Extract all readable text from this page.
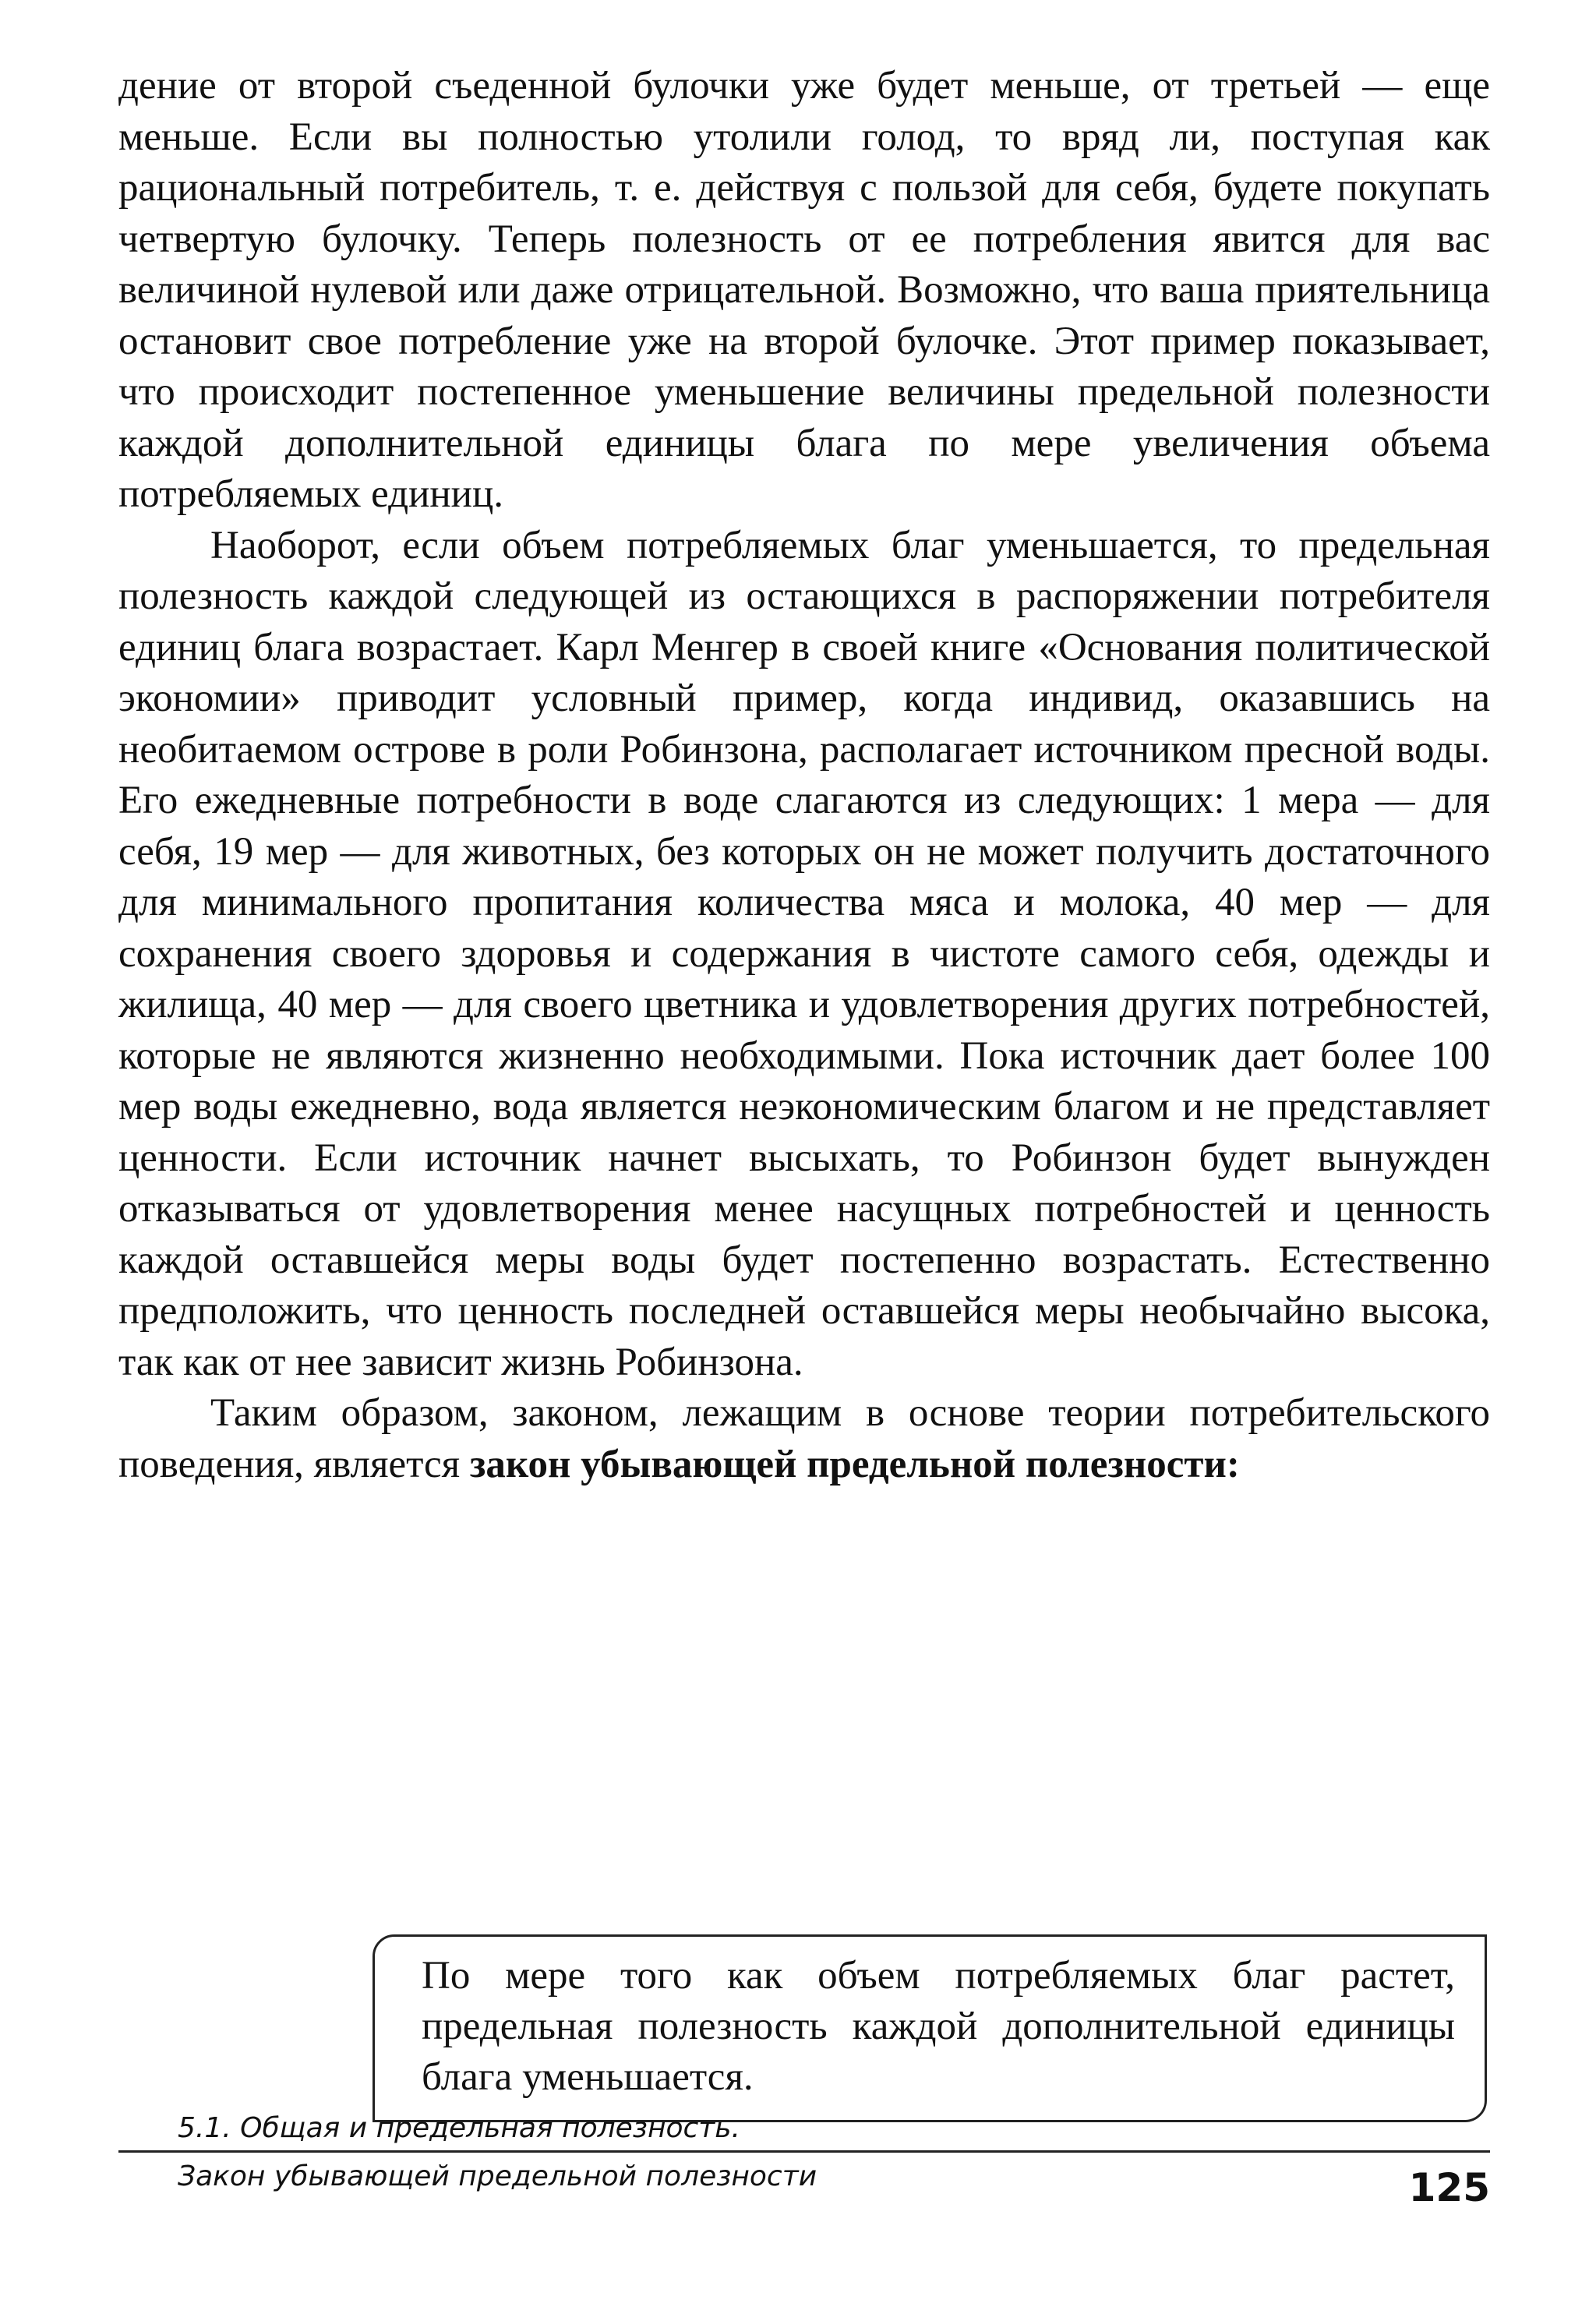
дение от второй съеденной булочки уже будет меньше, от третьей — еще меньше. Если вы полностью утолили голод, то вряд ли, поступая как рациональный потребитель, т. е. действуя с пользой для себя, будете покупать четвертую булочку. Теперь полезность от ее потребления явится для вас величиной нулевой или даже отрицательной. Возможно, что ваша приятельница остановит свое потребление уже на второй булочке. Этот пример показывает, что происходит постепенное уменьшение величины предельной полезности каждой дополнительной единицы блага по мере увеличения объема потребляемых единиц.

Наоборот, если объем потребляемых благ уменьшается, то предельная полезность каждой следующей из остающихся в распоряжении потребителя единиц блага возрастает. Карл Менгер в своей книге «Основания политической экономии» приводит условный пример, когда индивид, оказавшись на необитаемом острове в роли Робинзона, располагает источником пресной воды. Его ежедневные потребности в воде слагаются из следующих: 1 мера — для себя, 19 мер — для животных, без которых он не может получить достаточного для минимального пропитания количества мяса и молока, 40 мер — для сохранения своего здоровья и содержания в чистоте самого себя, одежды и жилища, 40 мер — для своего цветника и удовлетворения других потребностей, которые не являются жизненно необходимыми. Пока источник дает более 100 мер воды ежедневно, вода является неэкономическим благом и не представляет ценности. Если источник начнет высыхать, то Робинзон будет вынужден отказываться от удовлетворения менее насущных потребностей и ценность каждой оставшейся меры воды будет постепенно возрастать. Естественно предположить, что ценность последней оставшейся меры необычайно высока, так как от нее зависит жизнь Робинзона.

Таким образом, законом, лежащим в основе теории потребительского поведения, является закон убывающей предельной полезности:

По мере того как объем потребляемых благ растет, предельная полезность каждой дополнительной единицы блага уменьшается.
5.1. Общая и предельная полезность.
Закон убывающей предельной полезности	125
